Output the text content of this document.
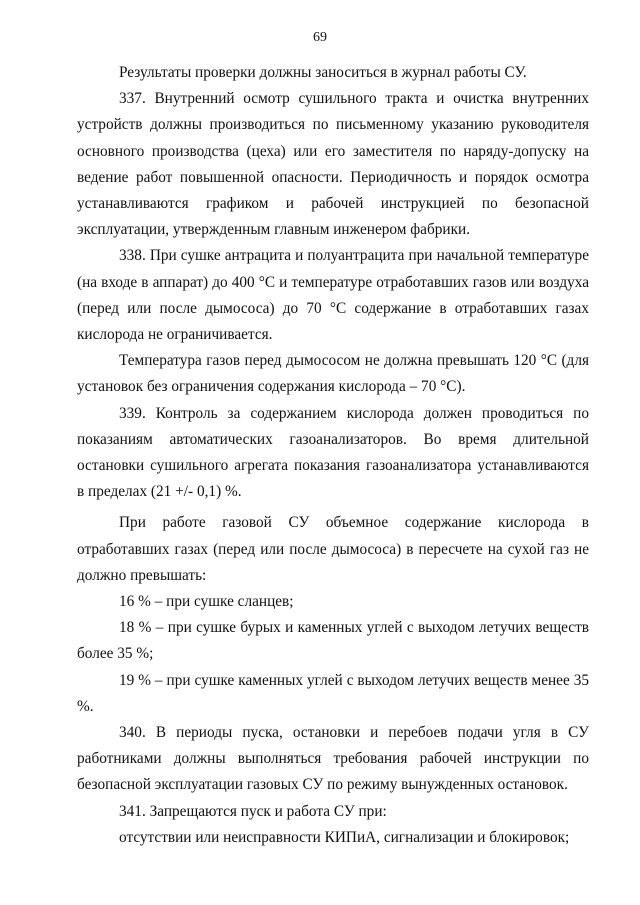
69

Результаты проверки должны заноситься в журнал работы СУ.

337. Внутренний осмотр сушильного тракта и очистка внутренних устройств должны производиться по письменному указанию руководителя основного производства (цеха) или его заместителя по наряду-допуску на ведение работ повышенной опасности. Периодичность и порядок осмотра устанавливаются графиком и рабочей инструкцией по безопасной эксплуатации, утвержденным главным инженером фабрики.

338. При сушке антрацита и полуантрацита при начальной температуре (на входе в аппарат) до 400 °С и температуре отработавших газов или воздуха (перед или после дымососа) до 70 °С содержание в отработавших газах кислорода не ограничивается.

Температура газов перед дымососом не должна превышать 120 °С (для установок без ограничения содержания кислорода – 70 °С).

339. Контроль за содержанием кислорода должен проводиться по показаниям автоматических газоанализаторов. Во время длительной остановки сушильного агрегата показания газоанализатора устанавливаются в пределах (21 +/- 0,1) %.

При работе газовой СУ объемное содержание кислорода в отработавших газах (перед или после дымососа) в пересчете на сухой газ не должно превышать:

16 % – при сушке сланцев;

18 % – при сушке бурых и каменных углей с выходом летучих веществ более 35 %;

19 % – при сушке каменных углей с выходом летучих веществ менее 35 %.

340. В периоды пуска, остановки и перебоев подачи угля в СУ работниками должны выполняться требования рабочей инструкции по безопасной эксплуатации газовых СУ по режиму вынужденных остановок.

341. Запрещаются пуск и работа СУ при:

отсутствии или неисправности КИПиА, сигнализации и блокировок;
